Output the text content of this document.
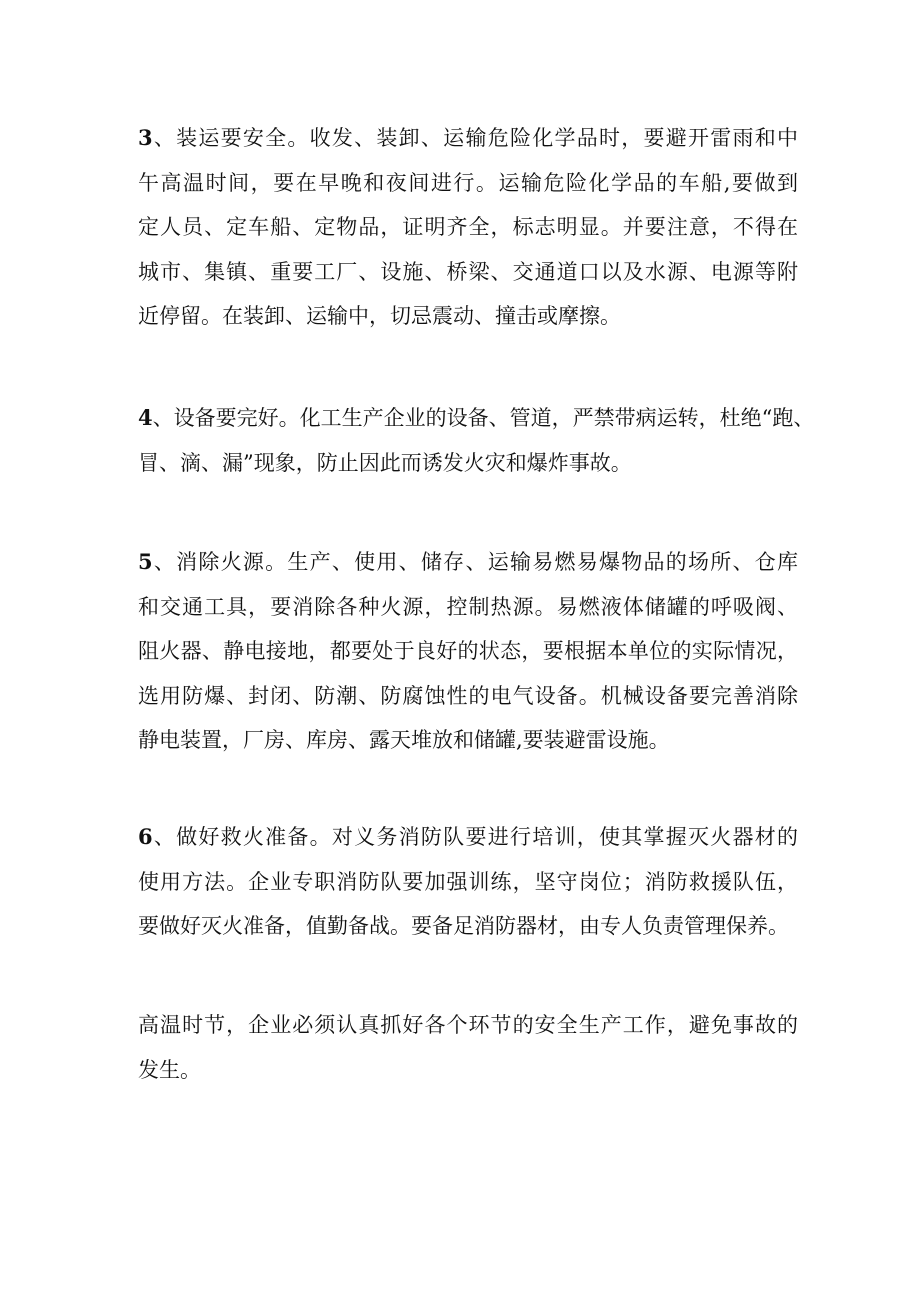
3、装运要安全。收发、装卸、运输危险化学品时，要避开雷雨和中
午高温时间，要在早晚和夜间进行。运输危险化学品的车船,要做到
定人员、定车船、定物品，证明齐全，标志明显。并要注意，不得在
城市、集镇、重要工厂、设施、桥梁、交通道口以及水源、电源等附
近停留。在装卸、运输中，切忌震动、撞击或摩擦。

4、设备要完好。化工生产企业的设备、管道，严禁带病运转，杜绝“跑、
冒、滴、漏”现象，防止因此而诱发火灾和爆炸事故。

5、消除火源。生产、使用、储存、运输易燃易爆物品的场所、仓库
和交通工具，要消除各种火源，控制热源。易燃液体储罐的呼吸阀、
阻火器、静电接地，都要处于良好的状态，要根据本单位的实际情况，
选用防爆、封闭、防潮、防腐蚀性的电气设备。机械设备要完善消除
静电装置，厂房、库房、露天堆放和储罐,要装避雷设施。

6、做好救火准备。对义务消防队要进行培训，使其掌握灭火器材的
使用方法。企业专职消防队要加强训练，坚守岗位；消防救援队伍，
要做好灭火准备，值勤备战。要备足消防器材，由专人负责管理保养。

高温时节，企业必须认真抓好各个环节的安全生产工作，避免事故的
发生。
